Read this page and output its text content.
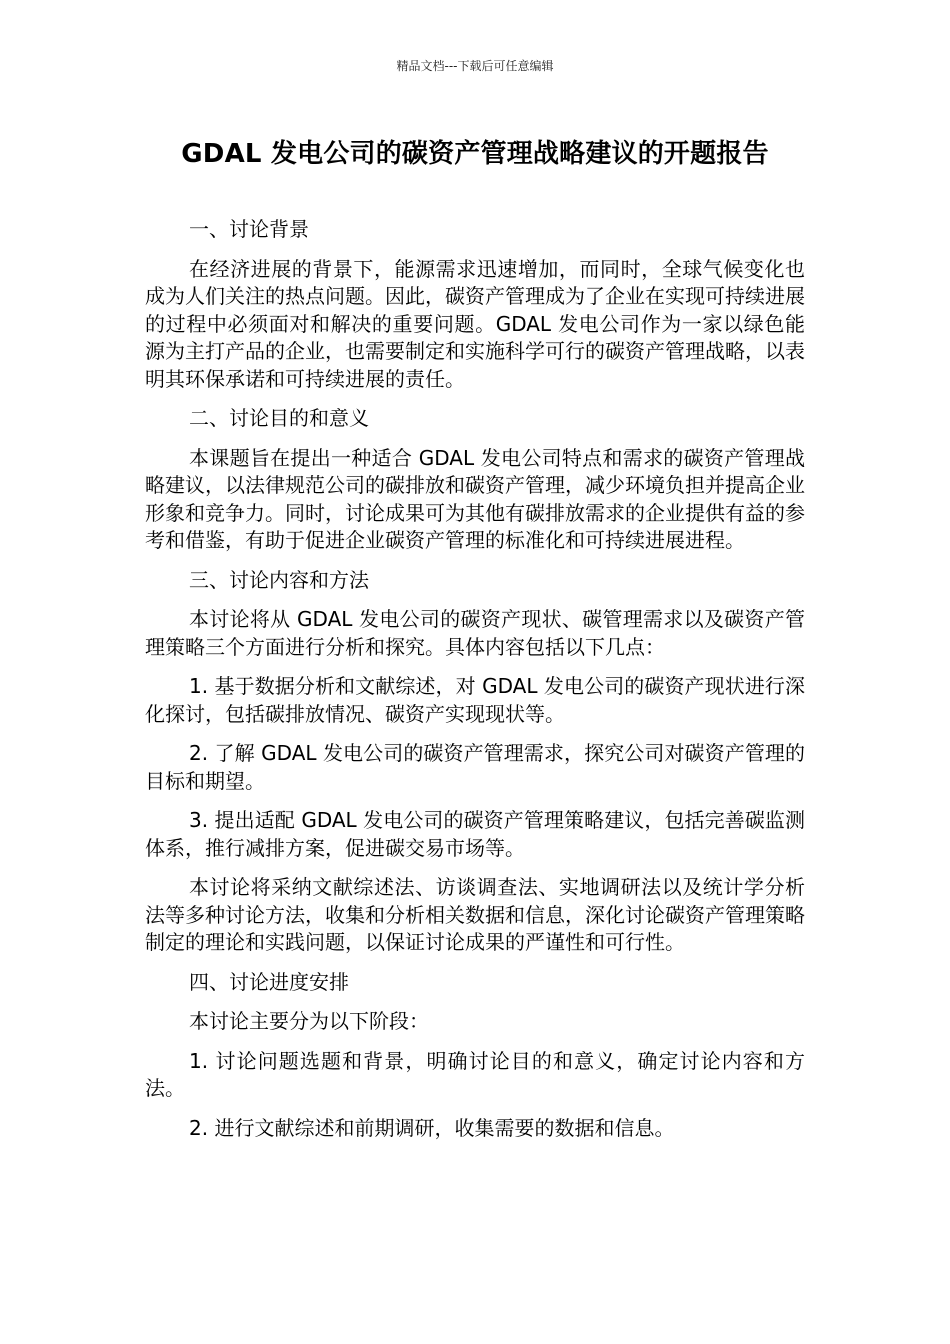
精品文档---下载后可任意编辑
GDAL 发电公司的碳资产管理战略建议的开题报告

一、讨论背景

在经济进展的背景下，能源需求迅速增加，而同时，全球气候变化也成为人们关注的热点问题。因此，碳资产管理成为了企业在实现可持续进展的过程中必须面对和解决的重要问题。GDAL 发电公司作为一家以绿色能源为主打产品的企业，也需要制定和实施科学可行的碳资产管理战略，以表明其环保承诺和可持续进展的责任。

二、讨论目的和意义

本课题旨在提出一种适合 GDAL 发电公司特点和需求的碳资产管理战略建议，以法律规范公司的碳排放和碳资产管理，减少环境负担并提高企业形象和竞争力。同时，讨论成果可为其他有碳排放需求的企业提供有益的参考和借鉴，有助于促进企业碳资产管理的标准化和可持续进展进程。

三、讨论内容和方法

本讨论将从 GDAL 发电公司的碳资产现状、碳管理需求以及碳资产管理策略三个方面进行分析和探究。具体内容包括以下几点：

1. 基于数据分析和文献综述，对 GDAL 发电公司的碳资产现状进行深化探讨，包括碳排放情况、碳资产实现现状等。

2. 了解 GDAL 发电公司的碳资产管理需求，探究公司对碳资产管理的目标和期望。

3. 提出适配 GDAL 发电公司的碳资产管理策略建议，包括完善碳监测体系，推行减排方案，促进碳交易市场等。

本讨论将采纳文献综述法、访谈调查法、实地调研法以及统计学分析法等多种讨论方法，收集和分析相关数据和信息，深化讨论碳资产管理策略制定的理论和实践问题，以保证讨论成果的严谨性和可行性。

四、讨论进度安排

本讨论主要分为以下阶段：

1. 讨论问题选题和背景，明确讨论目的和意义，确定讨论内容和方法。

2. 进行文献综述和前期调研，收集需要的数据和信息。
